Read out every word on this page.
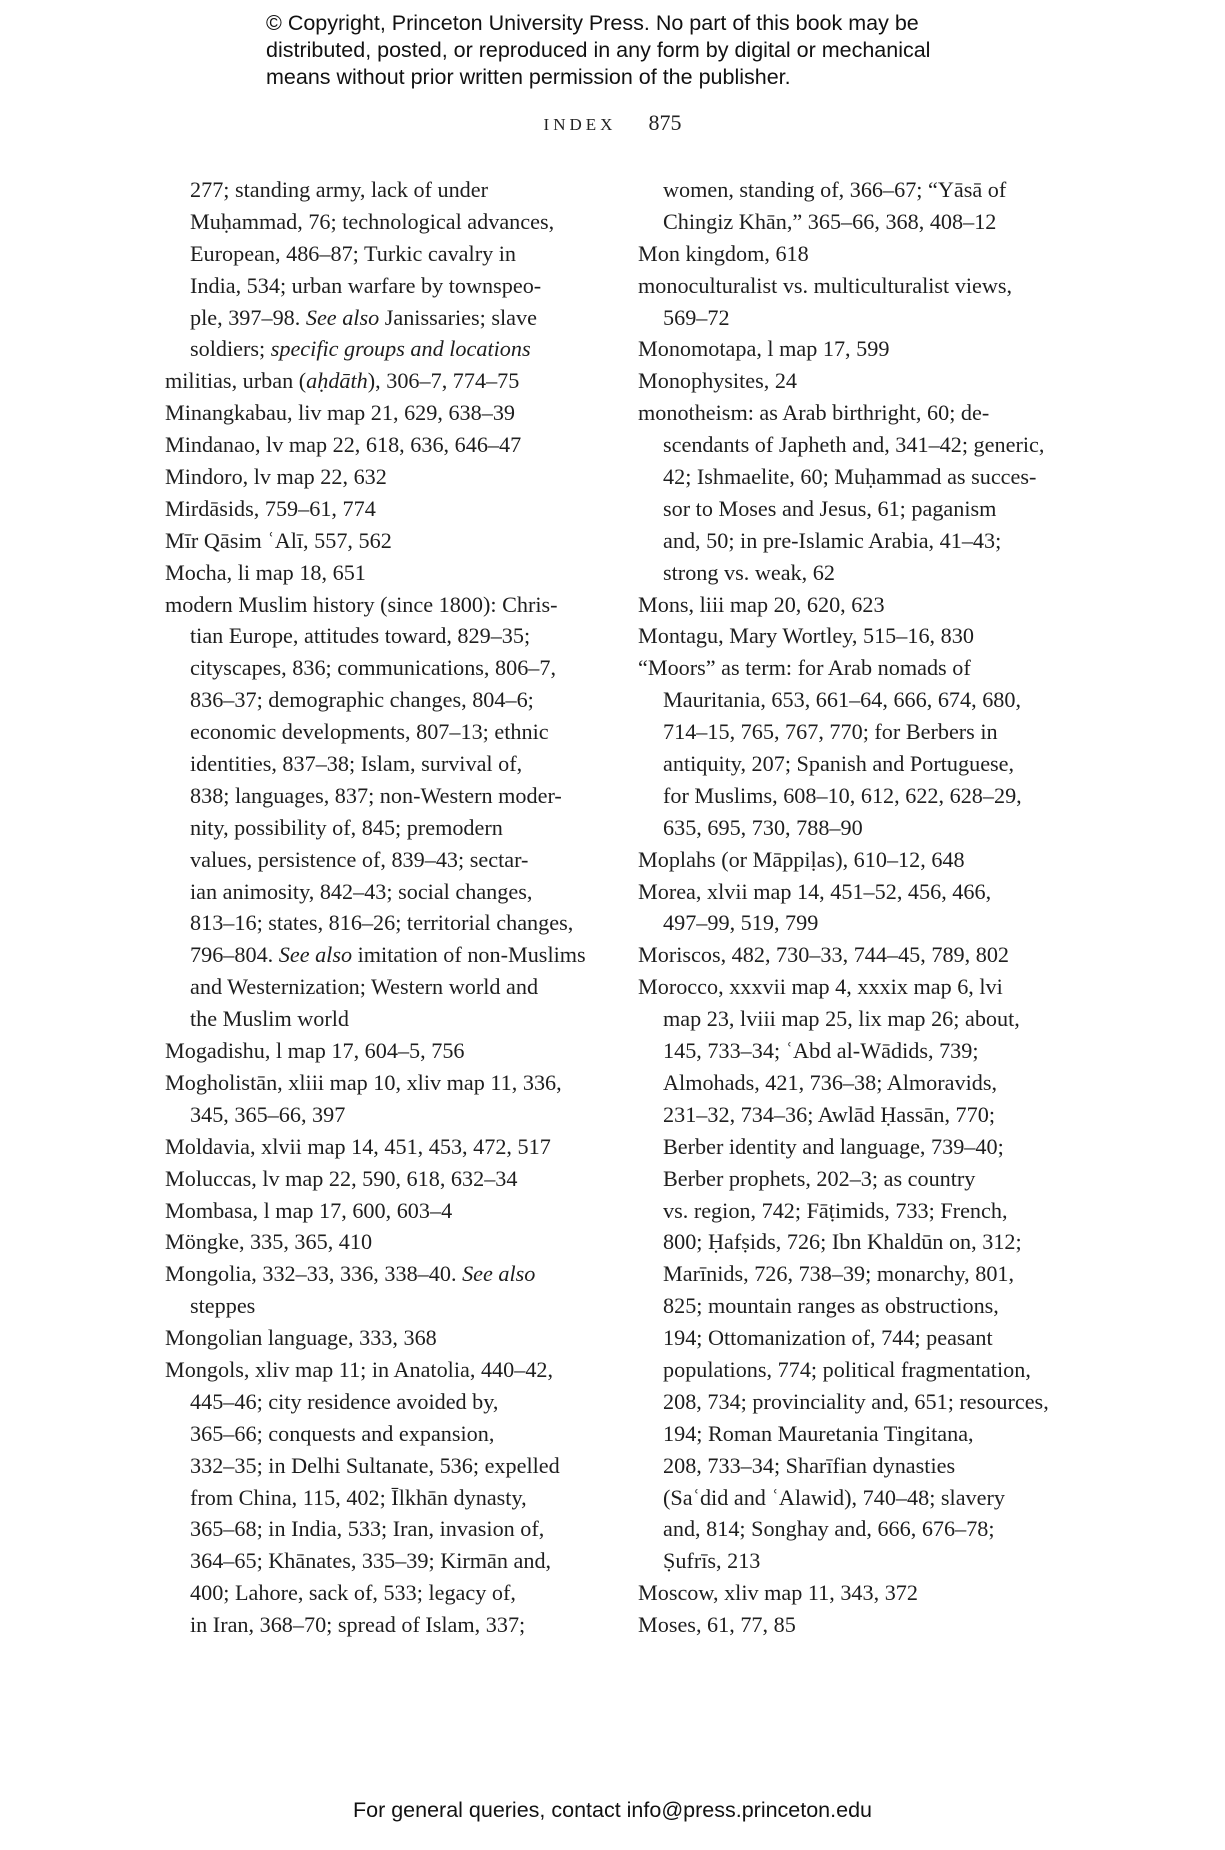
© Copyright, Princeton University Press. No part of this book may be
distributed, posted, or reproduced in any form by digital or mechanical
means without prior written permission of the publisher.
INDEX 875
277; standing army, lack of under
Muḥammad, 76; technological advances,
European, 486–87; Turkic cavalry in
India, 534; urban warfare by townspeo-
ple, 397–98. See also Janissaries; slave
soldiers; specific groups and locations
militias, urban (aḥdāth), 306–7, 774–75
Minangkabau, liv map 21, 629, 638–39
Mindanao, lv map 22, 618, 636, 646–47
Mindoro, lv map 22, 632
Mirdāsids, 759–61, 774
Mīr Qāsim ʿAlī, 557, 562
Mocha, li map 18, 651
modern Muslim history (since 1800): Chris-
tian Europe, attitudes toward, 829–35;
cityscapes, 836; communications, 806–7,
836–37; demographic changes, 804–6;
economic developments, 807–13; ethnic
identities, 837–38; Islam, survival of,
838; languages, 837; non-Western moder-
nity, possibility of, 845; premodern
values, persistence of, 839–43; sectar-
ian animosity, 842–43; social changes,
813–16; states, 816–26; territorial changes,
796–804. See also imitation of non-Muslims
and Westernization; Western world and
the Muslim world
Mogadishu, l map 17, 604–5, 756
Mogholistān, xliii map 10, xliv map 11, 336,
345, 365–66, 397
Moldavia, xlvii map 14, 451, 453, 472, 517
Moluccas, lv map 22, 590, 618, 632–34
Mombasa, l map 17, 600, 603–4
Möngke, 335, 365, 410
Mongolia, 332–33, 336, 338–40. See also
steppes
Mongolian language, 333, 368
Mongols, xliv map 11; in Anatolia, 440–42,
445–46; city residence avoided by,
365–66; conquests and expansion,
332–35; in Delhi Sultanate, 536; expelled
from China, 115, 402; Īlkhān dynasty,
365–68; in India, 533; Iran, invasion of,
364–65; Khānates, 335–39; Kirmān and,
400; Lahore, sack of, 533; legacy of,
in Iran, 368–70; spread of Islam, 337;
women, standing of, 366–67; “Yāsā of
Chingiz Khān,” 365–66, 368, 408–12
Mon kingdom, 618
monoculturalist vs. multiculturalist views,
569–72
Monomotapa, l map 17, 599
Monophysites, 24
monotheism: as Arab birthright, 60; de-
scendants of Japheth and, 341–42; generic,
42; Ishmaelite, 60; Muḥammad as succes-
sor to Moses and Jesus, 61; paganism
and, 50; in pre-Islamic Arabia, 41–43;
strong vs. weak, 62
Mons, liii map 20, 620, 623
Montagu, Mary Wortley, 515–16, 830
“Moors” as term: for Arab nomads of
Mauritania, 653, 661–64, 666, 674, 680,
714–15, 765, 767, 770; for Berbers in
antiquity, 207; Spanish and Portuguese,
for Muslims, 608–10, 612, 622, 628–29,
635, 695, 730, 788–90
Moplahs (or Māppiḷas), 610–12, 648
Morea, xlvii map 14, 451–52, 456, 466,
497–99, 519, 799
Moriscos, 482, 730–33, 744–45, 789, 802
Morocco, xxxvii map 4, xxxix map 6, lvi
map 23, lviii map 25, lix map 26; about,
145, 733–34; ʿAbd al-Wādids, 739;
Almohads, 421, 736–38; Almoravids,
231–32, 734–36; Awlād Ḥassān, 770;
Berber identity and language, 739–40;
Berber prophets, 202–3; as country
vs. region, 742; Fāṭimids, 733; French,
800; Ḥafṣids, 726; Ibn Khaldūn on, 312;
Marīnids, 726, 738–39; monarchy, 801,
825; mountain ranges as obstructions,
194; Ottomanization of, 744; peasant
populations, 774; political fragmentation,
208, 734; provinciality and, 651; resources,
194; Roman Mauretania Tingitana,
208, 733–34; Sharīfian dynasties
(Saʿdid and ʿAlawid), 740–48; slavery
and, 814; Songhay and, 666, 676–78;
Ṣufrīs, 213
Moscow, xliv map 11, 343, 372
Moses, 61, 77, 85
For general queries, contact info@press.princeton.edu
